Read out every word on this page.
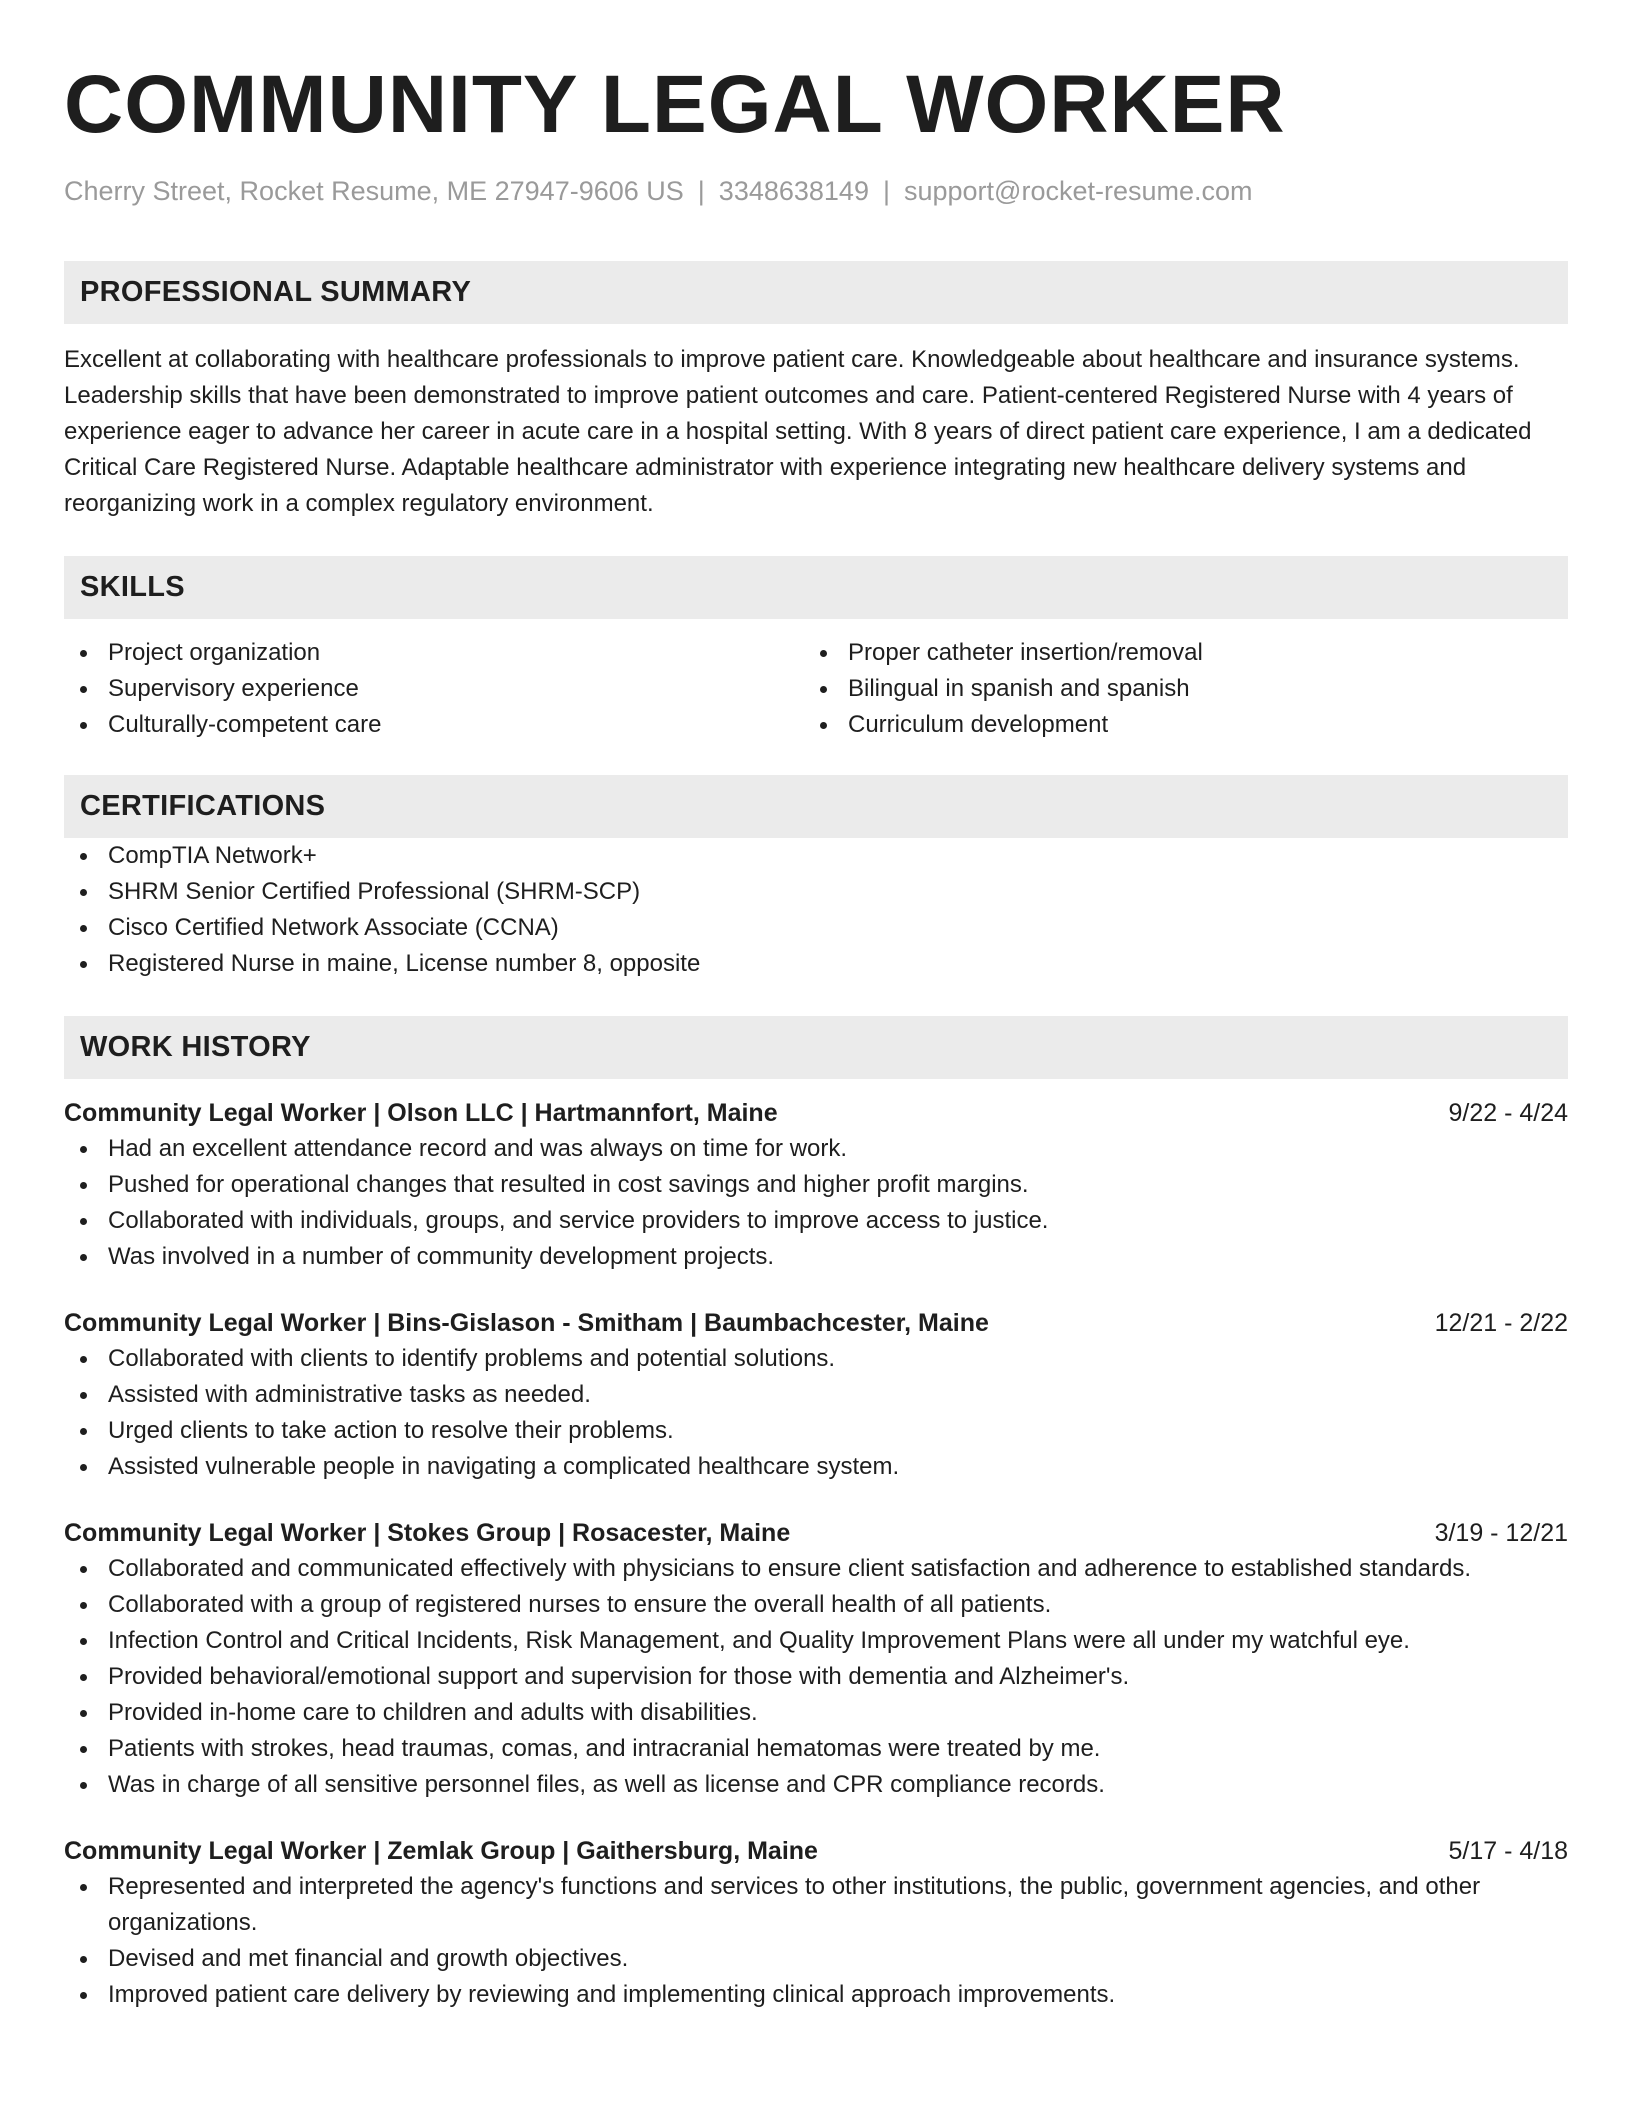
COMMUNITY LEGAL WORKER
Cherry Street, Rocket Resume, ME 27947-9606 US | 3348638149 | support@rocket-resume.com
PROFESSIONAL SUMMARY
Excellent at collaborating with healthcare professionals to improve patient care. Knowledgeable about healthcare and insurance systems. Leadership skills that have been demonstrated to improve patient outcomes and care. Patient-centered Registered Nurse with 4 years of experience eager to advance her career in acute care in a hospital setting. With 8 years of direct patient care experience, I am a dedicated Critical Care Registered Nurse. Adaptable healthcare administrator with experience integrating new healthcare delivery systems and reorganizing work in a complex regulatory environment.
SKILLS
Project organization
Supervisory experience
Culturally-competent care
Proper catheter insertion/removal
Bilingual in spanish and spanish
Curriculum development
CERTIFICATIONS
CompTIA Network+
SHRM Senior Certified Professional (SHRM-SCP)
Cisco Certified Network Associate (CCNA)
Registered Nurse in maine, License number 8, opposite
WORK HISTORY
Community Legal Worker | Olson LLC | Hartmannfort, Maine	9/22 - 4/24
Had an excellent attendance record and was always on time for work.
Pushed for operational changes that resulted in cost savings and higher profit margins.
Collaborated with individuals, groups, and service providers to improve access to justice.
Was involved in a number of community development projects.
Community Legal Worker | Bins-Gislason - Smitham | Baumbachcester, Maine	12/21 - 2/22
Collaborated with clients to identify problems and potential solutions.
Assisted with administrative tasks as needed.
Urged clients to take action to resolve their problems.
Assisted vulnerable people in navigating a complicated healthcare system.
Community Legal Worker | Stokes Group | Rosacester, Maine	3/19 - 12/21
Collaborated and communicated effectively with physicians to ensure client satisfaction and adherence to established standards.
Collaborated with a group of registered nurses to ensure the overall health of all patients.
Infection Control and Critical Incidents, Risk Management, and Quality Improvement Plans were all under my watchful eye.
Provided behavioral/emotional support and supervision for those with dementia and Alzheimer's.
Provided in-home care to children and adults with disabilities.
Patients with strokes, head traumas, comas, and intracranial hematomas were treated by me.
Was in charge of all sensitive personnel files, as well as license and CPR compliance records.
Community Legal Worker | Zemlak Group | Gaithersburg, Maine	5/17 - 4/18
Represented and interpreted the agency's functions and services to other institutions, the public, government agencies, and other organizations.
Devised and met financial and growth objectives.
Improved patient care delivery by reviewing and implementing clinical approach improvements.
